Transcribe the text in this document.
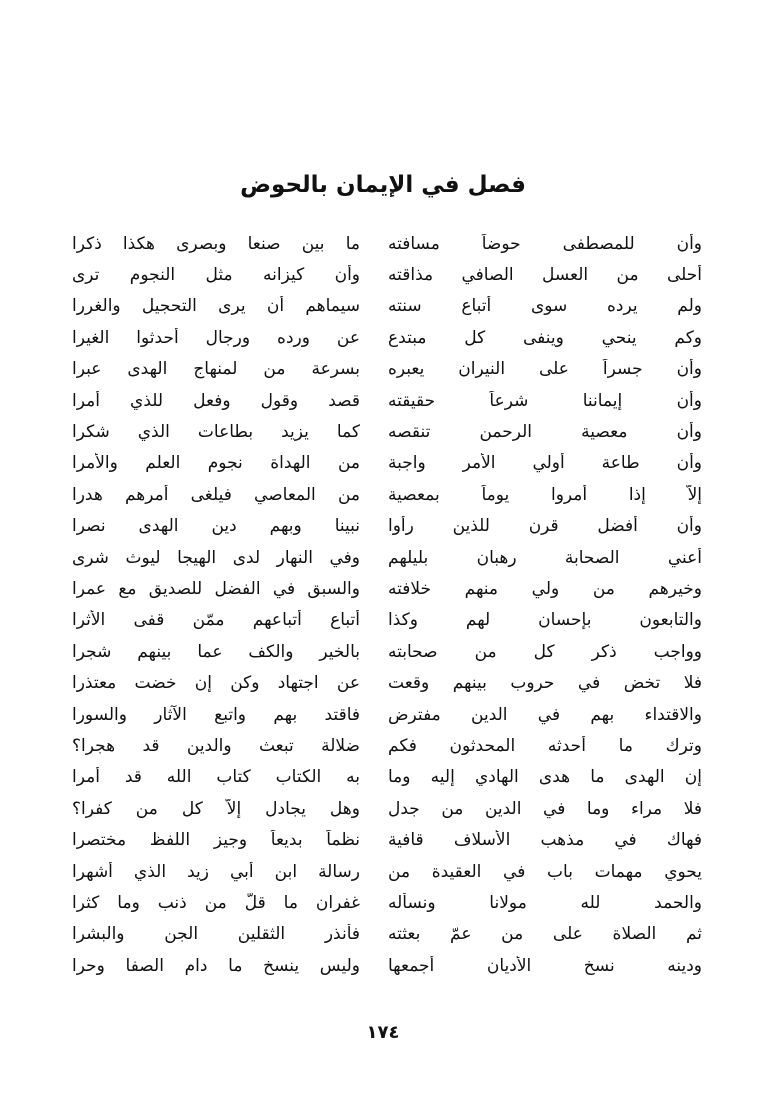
فصل في الإيمان بالحوض
وأن للمصطفى حوضاً مسافته
ما بين صنعا وبصرى هكذا ذكرا
أحلى من العسل الصافي مذاقته
وأن كيزانه مثل النجوم ترى
ولم يرده سوى أتباع سنته
سيماهم أن يرى التحجيل والغررا
وكم ينحي وينفى كل مبتدع
عن ورده ورجال أحدثوا الغيرا
وأن جسراً على النيران يعبره
بسرعة من لمنهاج الهدى عبرا
وأن إيماننا شرعاً حقيقته
قصد وقول وفعل للذي أمرا
وأن معصية الرحمن تنقصه
كما يزيد بطاعات الذي شكرا
وأن طاعة أولي الأمر واجبة
من الهداة نجوم العلم والأمرا
إلاَّ إذا أمروا يوماً بمعصية
من المعاصي فيلغى أمرهم هدرا
وأن أفضل قرن للذين رأوا
نبينا وبهم دين الهدى نصرا
أعني الصحابة رهبان بليلهم
وفي النهار لدى الهيجا ليوث شرى
وخيرهم من ولي منهم خلافته
والسبق في الفضل للصديق مع عمرا
والتابعون بإحسان لهم وكذا
أتباع أتباعهم ممّن قفى الأثرا
وواجب ذكر كل من صحابته
بالخير والكف عما بينهم شجرا
فلا تخض في حروب بينهم وقعت
عن اجتهاد وكن إن خضت معتذرا
والاقتداء بهم في الدين مفترض
فاقتد بهم واتبع الآثار والسورا
وترك ما أحدثه المحدثون فكم
ضلالة تبعث والدين قد هجرا؟
إن الهدى ما هدى الهادي إليه وما
به الكتاب كتاب الله قد أمرا
فلا مراء وما في الدين من جدل
وهل يجادل إلاَّ كل من كفرا؟
فهاك في مذهب الأسلاف قافية
نظماً بديعاً وجيز اللفظ مختصرا
يحوي مهمات باب في العقيدة من
رسالة ابن أبي زيد الذي أشهرا
والحمد لله مولانا ونسأله
غفران ما قلّ من ذنب وما كثرا
ثم الصلاة على من عمّ بعثته
فأنذر الثقلين الجن والبشرا
ودينه نسخ الأديان أجمعها
وليس ينسخ ما دام الصفا وحرا
١٧٤
